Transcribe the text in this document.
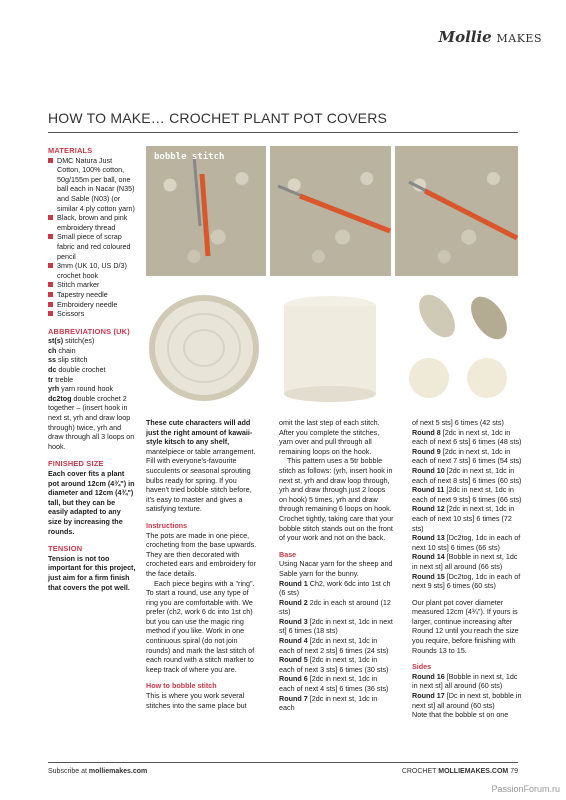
Mollie MAKES
HOW TO MAKE… CROCHET PLANT POT COVERS
MATERIALS
DMC Natura Just Cotton, 100% cotton, 50g/155m per ball, one ball each in Nacar (N35) and Sable (N03) (or similar 4 ply cotton yarn)
Black, brown and pink embroidery thread
Small piece of scrap fabric and red coloured pencil
3mm (UK 10, US D/3) crochet hook
Stitch marker
Tapestry needle
Embroidery needle
Scissors
ABBREVIATIONS (UK)

st(s) stitch(es)

ch chain

ss slip stitch

dc double crochet

tr treble

yrh yarn round hook

dc2tog double crochet 2 together – (insert hook in next st, yrh and draw loop through) twice, yrh and draw through all 3 loops on hook.

FINISHED SIZE

Each cover fits a plant pot around 12cm (4¾") in diameter and 12cm (4¾") tall, but they can be easily adapted to any size by increasing the rounds.

TENSION

Tension is not too important for this project, just aim for a firm finish that covers the pot well.

bobble stitch

These cute characters will add just the right amount of kawaii-style kitsch to any shelf, mantelpiece or table arrangement. Fill with everyone's-favourite succulents or seasonal sprouting bulbs ready for spring. If you haven't tried bobble stitch before, it's easy to master and gives a satisfying texture.

Instructions

The pots are made in one piece, crocheting from the base upwards. They are then decorated with crocheted ears and embroidery for the face details.

Each piece begins with a "ring". To start a round, use any type of ring you are comfortable with. We prefer (ch2, work 6 dc into 1st ch) but you can use the magic ring method if you like. Work in one continuous spiral (do not join rounds) and mark the last stitch of each round with a stitch marker to keep track of where you are.

How to bobble stitch

This is where you work several stitches into the same place but

omit the last step of each stitch. After you complete the stitches, yarn over and pull through all remaining loops on the hook.

This pattern uses a 5tr bobble stitch as follows: (yrh, insert hook in next st, yrh and draw loop through, yrh and draw through just 2 loops on hook) 5 times, yrh and draw through remaining 6 loops on hook. Crochet tightly, taking care that your bobble stitch stands out on the front of your work and not on the back.

Base

Using Nacar yarn for the sheep and Sable yarn for the bunny.

Round 1 Ch2, work 6dc into 1st ch (6 sts)

Round 2 2dc in each st around (12 sts)

Round 3 [2dc in next st, 1dc in next st] 6 times (18 sts)

Round 4 [2dc in next st, 1dc in each of next 2 sts] 6 times (24 sts)

Round 5 [2dc in next st, 1dc in each of next 3 sts] 6 times (30 sts)

Round 6 [2dc in next st, 1dc in each of next 4 sts] 6 times (36 sts)

Round 7 [2dc in next st, 1dc in each

of next 5 sts] 6 times (42 sts)

Round 8 [2dc in next st, 1dc in each of next 6 sts] 6 times (48 sts)

Round 9 [2dc in next st, 1dc in each of next 7 sts] 6 times (54 sts)

Round 10 [2dc in next st, 1dc in each of next 8 sts] 6 times (60 sts)

Round 11 [2dc in next st, 1dc in each of next 9 sts] 6 times (66 sts)

Round 12 [2dc in next st, 1dc in each of next 10 sts] 6 times (72 sts)

Round 13 [Dc2tog, 1dc in each of next 10 sts] 6 times (66 sts)

Round 14 [Bobble in next st, 1dc in next st] all around (66 sts)

Round 15 [Dc2tog, 1dc in each of next 9 sts] 6 times (60 sts)

Our plant pot cover diameter measured 12cm (4¾"). If yours is larger, continue increasing after Round 12 until you reach the size you require, before finishing with Rounds 13 to 15.

Sides

Round 16 [Bobble in next st, 1dc in next st] all around (60 sts)

Round 17 [Dc in next st, bobble in next st] all around (60 sts)

Note that the bobble st on one

Subscribe at molliemakes.com	CROCHET MOLLIEMAKES.COM 79
PassionForum.ru
